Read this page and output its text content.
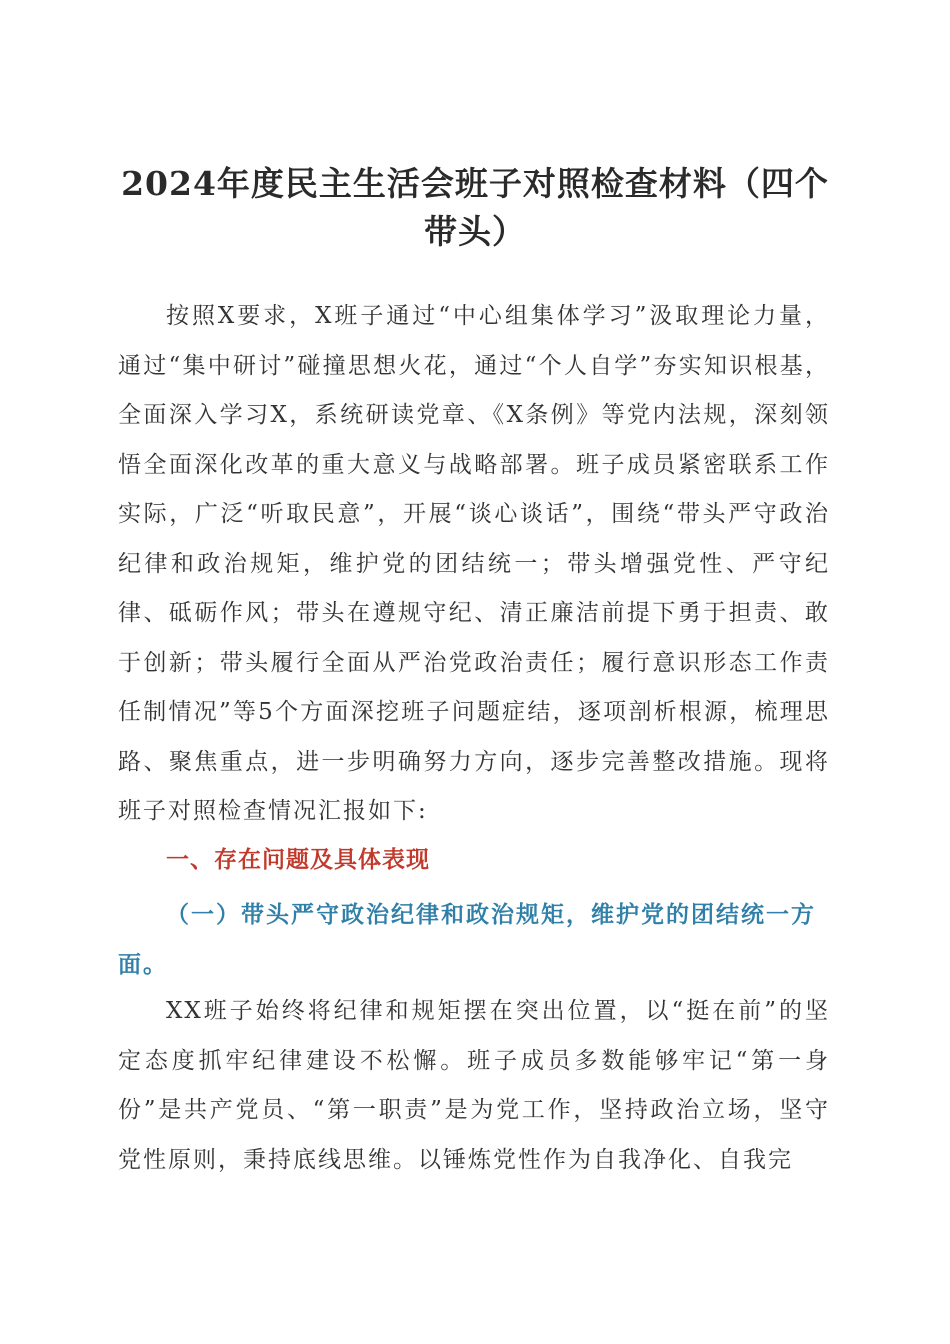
2024年度民主生活会班子对照检查材料（四个
带头）

按照X要求，X班子通过“中心组集体学习”汲取理论力量，通过“集中研讨”碰撞思想火花，通过“个人自学”夯实知识根基，全面深入学习X，系统研读党章、《X条例》等党内法规，深刻领悟全面深化改革的重大意义与战略部署。班子成员紧密联系工作实际，广泛“听取民意”，开展“谈心谈话”，围绕“带头严守政治纪律和政治规矩，维护党的团结统一；带头增强党性、严守纪律、砥砺作风；带头在遵规守纪、清正廉洁前提下勇于担责、敢于创新；带头履行全面从严治党政治责任；履行意识形态工作责任制情况”等5个方面深挖班子问题症结，逐项剖析根源，梳理思路、聚焦重点，进一步明确努力方向，逐步完善整改措施。现将班子对照检查情况汇报如下:

一、存在问题及具体表现
（一）带头严守政治纪律和政治规矩，维护党的团结统一方面。

XX班子始终将纪律和规矩摆在突出位置，以“挺在前”的坚定态度抓牢纪律建设不松懈。班子成员多数能够牢记“第一身份”是共产党员、“第一职责”是为党工作，坚持政治立场，坚守党性原则，秉持底线思维。以锤炼党性作为自我净化、自我完
